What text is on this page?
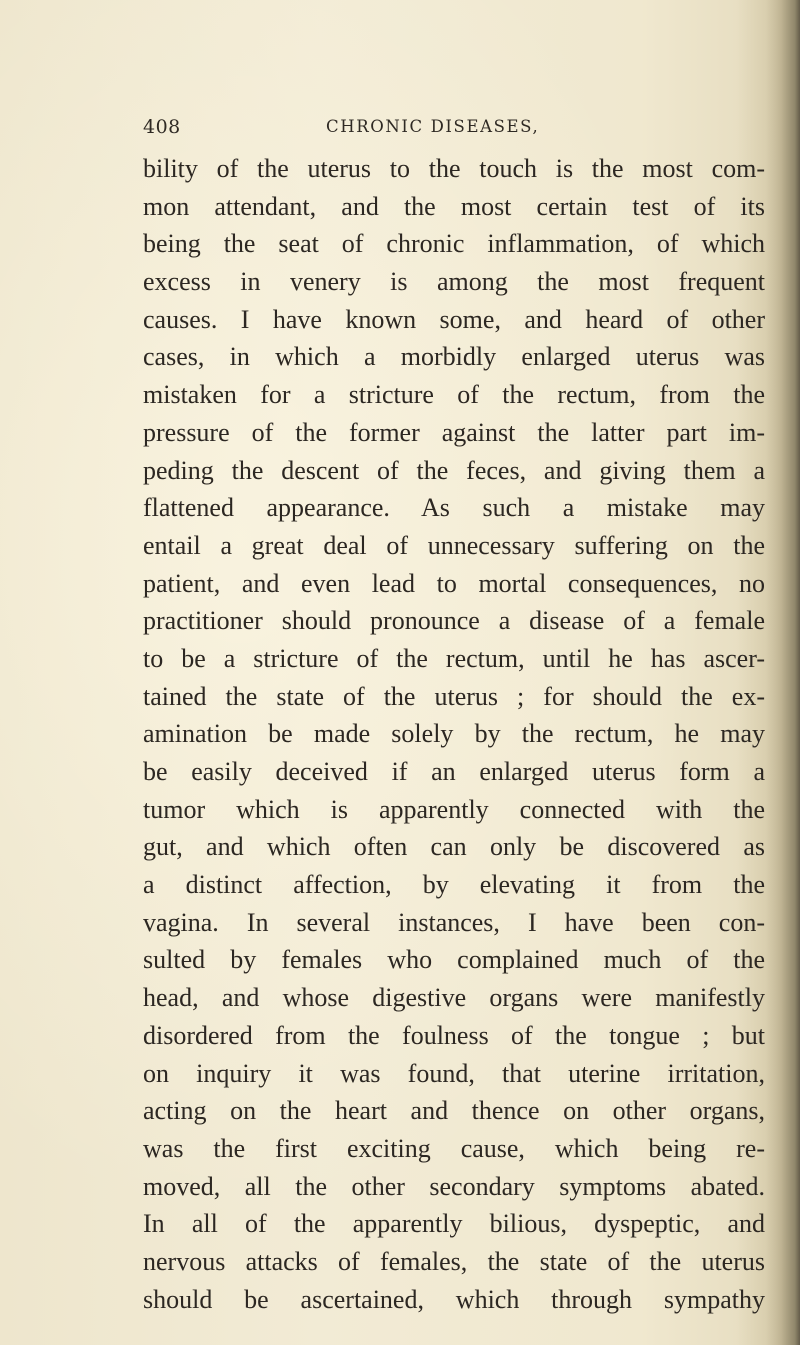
408	CHRONIC DISEASES,
bility of the uterus to the touch is the most com-
mon attendant, and the most certain test of its
being the seat of chronic inflammation, of which
excess in venery is among the most frequent
causes. I have known some, and heard of other
cases, in which a morbidly enlarged uterus was
mistaken for a stricture of the rectum, from the
pressure of the former against the latter part im-
peding the descent of the feces, and giving them a
flattened appearance. As such a mistake may
entail a great deal of unnecessary suffering on the
patient, and even lead to mortal consequences, no
practitioner should pronounce a disease of a female
to be a stricture of the rectum, until he has ascer-
tained the state of the uterus ; for should the ex-
amination be made solely by the rectum, he may
be easily deceived if an enlarged uterus form a
tumor which is apparently connected with the
gut, and which often can only be discovered as
a distinct affection, by elevating it from the
vagina. In several instances, I have been con-
sulted by females who complained much of the
head, and whose digestive organs were manifestly
disordered from the foulness of the tongue ; but
on inquiry it was found, that uterine irritation,
acting on the heart and thence on other organs,
was the first exciting cause, which being re-
moved, all the other secondary symptoms abated.
In all of the apparently bilious, dyspeptic, and
nervous attacks of females, the state of the uterus
should be ascertained, which through sympathy
